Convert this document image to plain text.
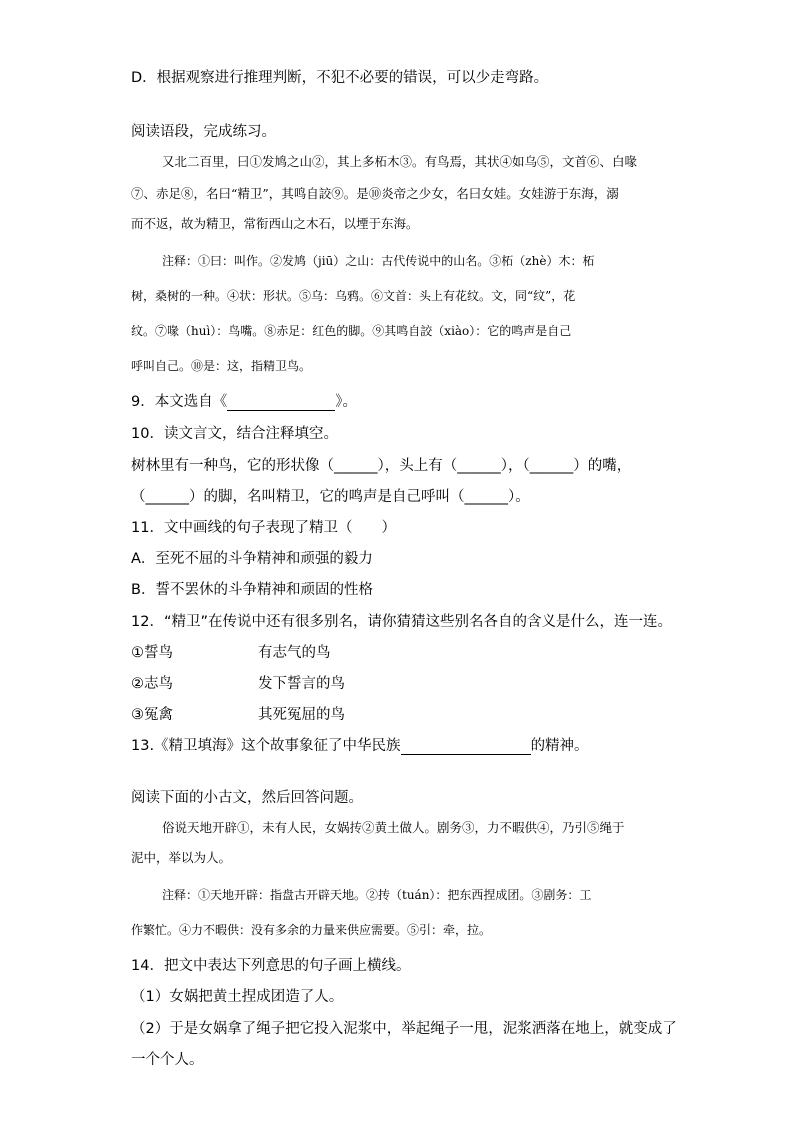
D．根据观察进行推理判断，不犯不必要的错误，可以少走弯路。
阅读语段，完成练习。
又北二百里，曰①发鸠之山②，其上多柘木③。有鸟焉，其状④如乌⑤，文首⑥、白喙
⑦、赤足⑧，名曰“精卫”，其鸣自詨⑨。是⑩炎帝之少女，名曰女娃。女娃游于东海，溺
而不返，故为精卫，常衔西山之木石，以堙于东海。
注释：①曰：叫作。②发鸠（jiū）之山：古代传说中的山名。③柘（zhè）木：柘
树，桑树的一种。④状：形状。⑤乌：乌鸦。⑥文首：头上有花纹。文，同“纹”，花
纹。⑦喙（huì）：鸟嘴。⑧赤足：红色的脚。⑨其鸣自詨（xiào）：它的鸣声是自己
呼叫自己。⑩是：这，指精卫鸟。
9．本文选自《	》。
10．读文言文，结合注释填空。
树林里有一种鸟，它的形状像（______），头上有（______），（______）的嘴，
（______）的脚，名叫精卫，它的鸣声是自己呼叫（______）。
11．文中画线的句子表现了精卫（　　）
A．至死不屈的斗争精神和顽强的毅力
B．誓不罢休的斗争精神和顽固的性格
12．“精卫”在传说中还有很多别名，请你猜猜这些别名各自的含义是什么，连一连。
①誓鸟	有志气的鸟
②志鸟	发下誓言的鸟
③冤禽	其死冤屈的鸟
13.《精卫填海》这个故事象征了中华民族	的精神。
阅读下面的小古文，然后回答问题。
俗说天地开辟①，未有人民，女娲抟②黄土做人。剧务③，力不暇供④，乃引⑤绳于
泥中，举以为人。
注释：①天地开辟：指盘古开辟天地。②抟（tuán）：把东西捏成团。③剧务：工
作繁忙。④力不暇供：没有多余的力量来供应需要。⑤引：牵，拉。
14．把文中表达下列意思的句子画上横线。
（1）女娲把黄土捏成团造了人。
（2）于是女娲拿了绳子把它投入泥浆中，举起绳子一甩，泥浆洒落在地上，就变成了
一个个人。
